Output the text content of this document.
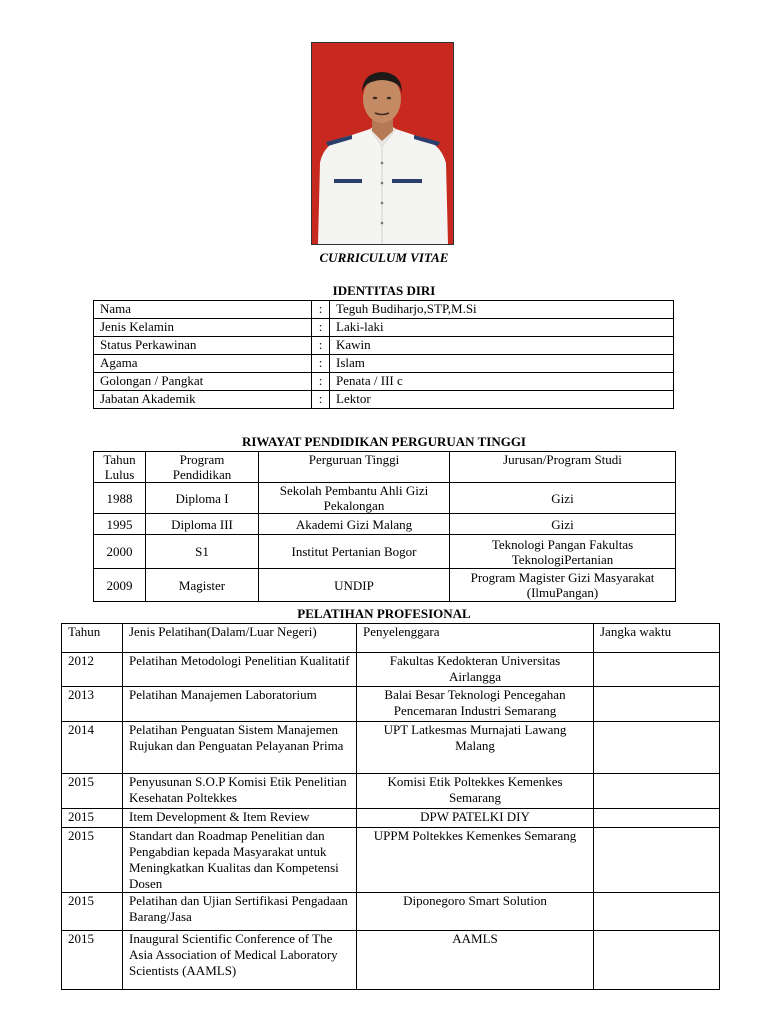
CURRICULUM VITAE
IDENTITAS DIRI
Nama	:	Teguh Budiharjo,STP,M.Si
Jenis Kelamin	:	Laki-laki
Status Perkawinan	:	Kawin
Agama	:	Islam
Golongan / Pangkat	:	Penata / III c
Jabatan Akademik	:	Lektor
RIWAYAT PENDIDIKAN PERGURUAN TINGGI
Tahun Lulus	Program Pendidikan	Perguruan Tinggi	Jurusan/Program Studi
1988	Diploma I	Sekolah Pembantu Ahli Gizi Pekalongan	Gizi
1995	Diploma III	Akademi Gizi Malang	Gizi
2000	S1	Institut Pertanian Bogor	Teknologi Pangan Fakultas TeknologiPertanian
2009	Magister	UNDIP	Program Magister Gizi Masyarakat (IlmuPangan)
PELATIHAN PROFESIONAL
Tahun	Jenis Pelatihan(Dalam/Luar Negeri)	Penyelenggara	Jangka waktu
2012	Pelatihan Metodologi Penelitian Kualitatif	Fakultas Kedokteran Universitas Airlangga	
2013	Pelatihan Manajemen Laboratorium	Balai Besar Teknologi Pencegahan Pencemaran Industri Semarang	
2014	Pelatihan Penguatan Sistem Manajemen Rujukan dan Penguatan Pelayanan Prima	UPT Latkesmas Murnajati Lawang Malang	
2015	Penyusunan S.O.P Komisi Etik Penelitian Kesehatan Poltekkes	Komisi Etik Poltekkes Kemenkes Semarang	
2015	Item Development & Item Review	DPW PATELKI DIY	
2015	Standart dan Roadmap Penelitian dan Pengabdian kepada Masyarakat untuk Meningkatkan Kualitas dan Kompetensi Dosen	UPPM Poltekkes Kemenkes Semarang	
2015	Pelatihan dan Ujian Sertifikasi Pengadaan Barang/Jasa	Diponegoro Smart Solution	
2015	Inaugural Scientific Conference of The Asia Association of Medical Laboratory Scientists (AAMLS)	AAMLS	
